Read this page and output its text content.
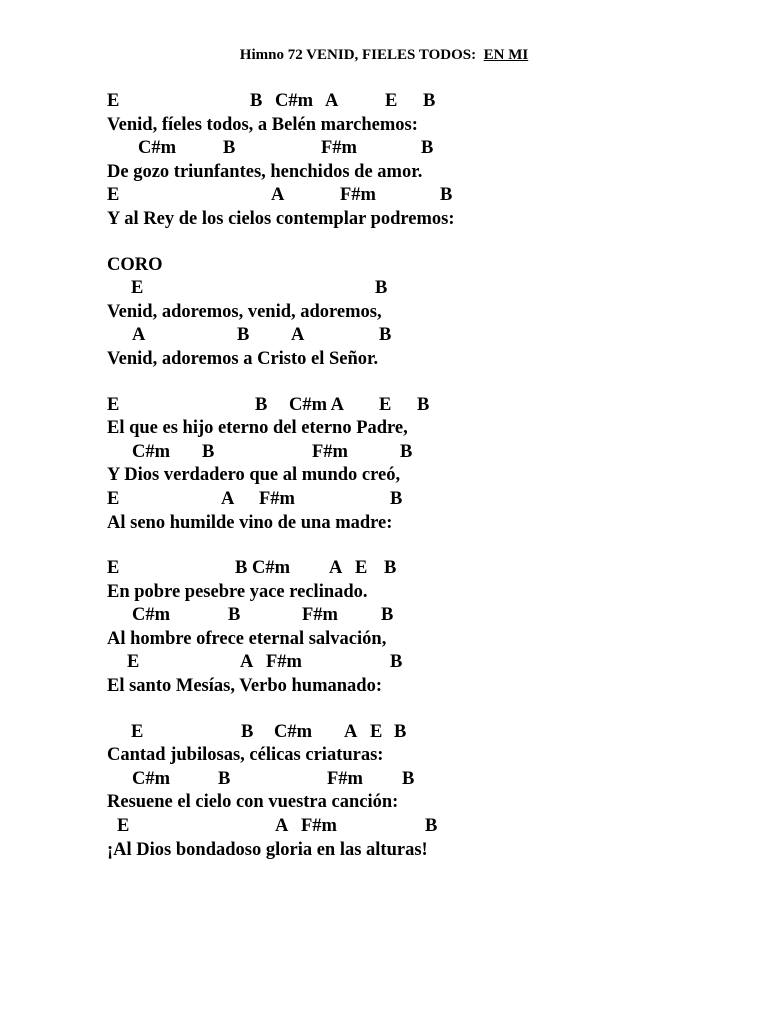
Himno 72 VENID, FIELES TODOS: EN MI
E	B C#m A	E B
Venid, fíeles todos, a Belén marchemos:
C#m	B	F#m	B
De gozo triunfantes, henchidos de amor.
E	A	F#m	B
Y al Rey de los cielos contemplar podremos:
CORO
E	B
Venid, adoremos, venid, adoremos,
A	B A	B
Venid, adoremos a Cristo el Señor.
E	B C#m A E B
El que es hijo eterno del eterno Padre,
C#m B	F#m	B
Y Dios verdadero que al mundo creó,
E	A F#m	B
Al seno humilde vino de una madre:
E	B C#m A E B
En pobre pesebre yace reclinado.
C#m	B	F#m B
Al hombre ofrece eternal salvación,
E	A F#m	B
El santo Mesías, Verbo humanado:
E	B C#m A E B
Cantad jubilosas, célicas criaturas:
C#m	B	F#m B
Resuene el cielo con vuestra canción:
E	A F#m	B
¡Al Dios bondadoso gloria en las alturas!
